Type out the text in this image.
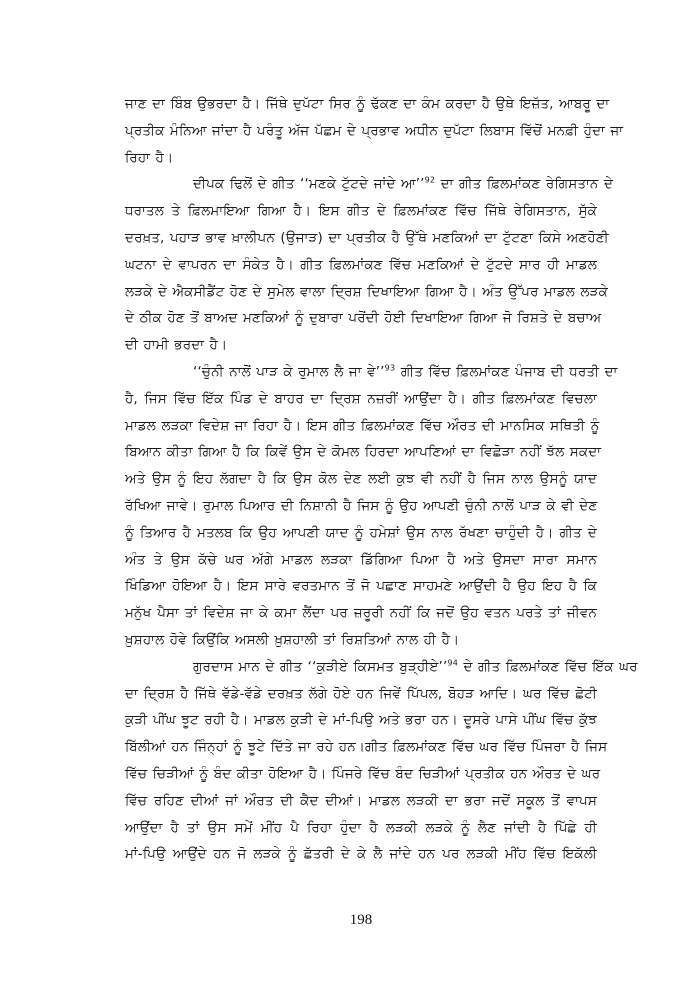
ਜਾਣ ਦਾ ਬਿੰਬ ਉਭਰਦਾ ਹੈ। ਜਿੱਥੇ ਦੁਪੱਟਾ ਸਿਰ ਨੂੰ ਢੱਕਣ ਦਾ ਕੰਮ ਕਰਦਾ ਹੈ ਉਥੇ ਇਜ਼ੱਤ, ਆਬਰੂ ਦਾ
ਪ੍ਰਤੀਕ ਮੰਨਿਆ ਜਾਂਦਾ ਹੈ ਪਰੰਤੂ ਅੱਜ ਪੱਛਮ ਦੇ ਪ੍ਰਭਾਵ ਅਧੀਨ ਦੁਪੱਟਾ ਲਿਬਾਸ ਵਿੱਚੋਂ ਮਨਫ਼ੀ ਹੁੰਦਾ ਜਾ
ਰਿਹਾ ਹੈ।
ਦੀਪਕ ਢਿਲੋਂ ਦੇ ਗੀਤ ‘‘ਮਣਕੇ ਟੁੱਟਦੇ ਜਾਂਦੇ ਆ’’$^{92}$ ਦਾ ਗੀਤ ਫ਼ਿਲਮਾਂਕਣ ਰੇਗਿਸਤਾਨ ਦੇ
ਧਰਾਤਲ ਤੇ ਫ਼ਿਲਮਾਇਆ ਗਿਆ ਹੈ। ਇਸ ਗੀਤ ਦੇ ਫ਼ਿਲਮਾਂਕਣ ਵਿੱਚ ਜਿੱਥੇ ਰੇਗਿਸਤਾਨ, ਸੁੱਕੇ
ਦਰਖ਼ਤ, ਪਹਾੜ ਭਾਵ ਖ਼ਾਲੀਪਨ (ਉਜਾੜ) ਦਾ ਪ੍ਰਤੀਕ ਹੈ ਉੱਥੇ ਮਣਕਿਆਂ ਦਾ ਟੁੱਟਣਾ ਕਿਸੇ ਅਣਹੋਣੀ
ਘਟਨਾ ਦੇ ਵਾਪਰਨ ਦਾ ਸੰਕੇਤ ਹੈ। ਗੀਤ ਫ਼ਿਲਮਾਂਕਣ ਵਿੱਚ ਮਣਕਿਆਂ ਦੇ ਟੁੱਟਦੇ ਸਾਰ ਹੀ ਮਾਡਲ
ਲੜਕੇ ਦੇ ਐਕਸੀਡੈਂਟ ਹੋਣ ਦੇ ਸੁਮੇਲ ਵਾਲਾ ਦ੍ਰਿਸ਼ ਦਿਖਾਇਆ ਗਿਆ ਹੈ। ਅੰਤ ਉੱਪਰ ਮਾਡਲ ਲੜਕੇ
ਦੇ ਠੀਕ ਹੋਣ ਤੋਂ ਬਾਅਦ ਮਣਕਿਆਂ ਨੂੰ ਦੁਬਾਰਾ ਪਰੋਂਦੀ ਹੋਈ ਦਿਖਾਇਆ ਗਿਆ ਜੋ ਰਿਸ਼ਤੇ ਦੇ ਬਚਾਅ
ਦੀ ਹਾਮੀ ਭਰਦਾ ਹੈ।
‘‘ਚੁੰਨੀ ਨਾਲੋਂ ਪਾੜ ਕੇ ਰੁਮਾਲ ਲੈ ਜਾ ਵੇ’’$^{93}$ ਗੀਤ ਵਿੱਚ ਫ਼ਿਲਮਾਂਕਣ ਪੰਜਾਬ ਦੀ ਧਰਤੀ ਦਾ
ਹੈ, ਜਿਸ ਵਿੱਚ ਇੱਕ ਪਿੰਡ ਦੇ ਬਾਹਰ ਦਾ ਦ੍ਰਿਸ਼ ਨਜ਼ਰੀਂ ਆਉਂਦਾ ਹੈ। ਗੀਤ ਫ਼ਿਲਮਾਂਕਣ ਵਿਚਲਾ
ਮਾਡਲ ਲੜਕਾ ਵਿਦੇਸ਼ ਜਾ ਰਿਹਾ ਹੈ। ਇਸ ਗੀਤ ਫ਼ਿਲਮਾਂਕਣ ਵਿੱਚ ਔਰਤ ਦੀ ਮਾਨਸਿਕ ਸਥਿਤੀ ਨੂੰ
ਬਿਆਨ ਕੀਤਾ ਗਿਆ ਹੈ ਕਿ ਕਿਵੇਂ ਉਸ ਦੇ ਕੋਮਲ ਹਿਰਦਾ ਆਪਣਿਆਂ ਦਾ ਵਿਛੋੜਾ ਨਹੀਂ ਝੱਲ ਸਕਦਾ
ਅਤੇ ਉਸ ਨੂੰ ਇਹ ਲੱਗਦਾ ਹੈ ਕਿ ਉਸ ਕੋਲ ਦੇਣ ਲਈ ਕੁਝ ਵੀ ਨਹੀਂ ਹੈ ਜਿਸ ਨਾਲ ਉਸਨੂੰ ਯਾਦ
ਰੱਖਿਆ ਜਾਵੇ। ਰੁਮਾਲ ਪਿਆਰ ਦੀ ਨਿਸ਼ਾਨੀ ਹੈ ਜਿਸ ਨੂੰ ਉਹ ਆਪਣੀ ਚੁੰਨੀ ਨਾਲੋਂ ਪਾੜ ਕੇ ਵੀ ਦੇਣ
ਨੂੰ ਤਿਆਰ ਹੈ ਮਤਲਬ ਕਿ ਉਹ ਆਪਣੀ ਯਾਦ ਨੂੰ ਹਮੇਸ਼ਾਂ ਉਸ ਨਾਲ ਰੱਖਣਾ ਚਾਹੁੰਦੀ ਹੈ। ਗੀਤ ਦੇ
ਅੰਤ ਤੇ ਉਸ ਕੱਚੇ ਘਰ ਅੱਗੇ ਮਾਡਲ ਲੜਕਾ ਡਿੱਗਿਆ ਪਿਆ ਹੈ ਅਤੇ ਉਸਦਾ ਸਾਰਾ ਸਮਾਨ
ਖਿੰਡਿਆ ਹੋਇਆ ਹੈ। ਇਸ ਸਾਰੇ ਵਰਤਮਾਨ ਤੋਂ ਜੋ ਪਛਾਣ ਸਾਹਮਣੇ ਆਉਂਦੀ ਹੈ ਉਹ ਇਹ ਹੈ ਕਿ
ਮਨੁੱਖ ਪੈਸਾ ਤਾਂ ਵਿਦੇਸ਼ ਜਾ ਕੇ ਕਮਾ ਲੈਂਦਾ ਪਰ ਜ਼ਰੂਰੀ ਨਹੀਂ ਕਿ ਜਦੋਂ ਉਹ ਵਤਨ ਪਰਤੇ ਤਾਂ ਜੀਵਨ
ਖ਼ੁਸ਼ਹਾਲ ਹੋਵੇ ਕਿਉਂਕਿ ਅਸਲੀ ਖ਼ੁਸ਼ਹਾਲੀ ਤਾਂ ਰਿਸ਼ਤਿਆਂ ਨਾਲ ਹੀ ਹੈ।
ਗੁਰਦਾਸ ਮਾਨ ਦੇ ਗੀਤ ‘‘ਕੁੜੀਏ ਕਿਸਮਤ ਬੁੜ੍ਹੀਏ’’$^{94}$ ਦੇ ਗੀਤ ਫ਼ਿਲਮਾਂਕਣ ਵਿੱਚ ਇੱਕ ਘਰ
ਦਾ ਦ੍ਰਿਸ਼ ਹੈ ਜਿੱਥੇ ਵੱਡੇ-ਵੱਡੇ ਦਰਖ਼ਤ ਲੱਗੇ ਹੋਏ ਹਨ ਜਿਵੇਂ ਪਿੱਪਲ, ਬੋਹੜ ਆਦਿ। ਘਰ ਵਿੱਚ ਛੋਟੀ
ਕੁੜੀ ਪੀਂਘ ਝੂਟ ਰਹੀ ਹੈ। ਮਾਡਲ ਕੁੜੀ ਦੇ ਮਾਂ-ਪਿਉ ਅਤੇ ਭਰਾ ਹਨ। ਦੂਸਰੇ ਪਾਸੇ ਪੀਂਘ ਵਿੱਚ ਕੁੱਝ
ਬਿੱਲੀਆਂ ਹਨ ਜਿੰਨ੍ਹਾਂ ਨੂੰ ਝੂਟੇ ਦਿੱਤੇ ਜਾ ਰਹੇ ਹਨ।ਗੀਤ ਫ਼ਿਲਮਾਂਕਣ ਵਿੱਚ ਘਰ ਵਿੱਚ ਪਿੰਜਰਾ ਹੈ ਜਿਸ
ਵਿੱਚ ਚਿੜੀਆਂ ਨੂੰ ਬੰਦ ਕੀਤਾ ਹੋਇਆ ਹੈ। ਪਿੰਜਰੇ ਵਿੱਚ ਬੰਦ ਚਿੜੀਆਂ ਪ੍ਰਤੀਕ ਹਨ ਔਰਤ ਦੇ ਘਰ
ਵਿੱਚ ਰਹਿਣ ਦੀਆਂ ਜਾਂ ਔਰਤ ਦੀ ਕੈਦ ਦੀਆਂ। ਮਾਡਲ ਲੜਕੀ ਦਾ ਭਰਾ ਜਦੋਂ ਸਕੂਲ ਤੋਂ ਵਾਪਸ
ਆਉਂਦਾ ਹੈ ਤਾਂ ਉਸ ਸਮੇਂ ਮੀਂਹ ਪੈ ਰਿਹਾ ਹੁੰਦਾ ਹੈ ਲੜਕੀ ਲੜਕੇ ਨੂੰ ਲੈਣ ਜਾਂਦੀ ਹੈ ਪਿੱਛੇ ਹੀ
ਮਾਂ-ਪਿਉ ਆਉਂਦੇ ਹਨ ਜੋ ਲੜਕੇ ਨੂੰ ਛੱਤਰੀ ਦੇ ਕੇ ਲੈ ਜਾਂਦੇ ਹਨ ਪਰ ਲੜਕੀ ਮੀਂਹ ਵਿੱਚ ਇਕੱਲੀ
198
